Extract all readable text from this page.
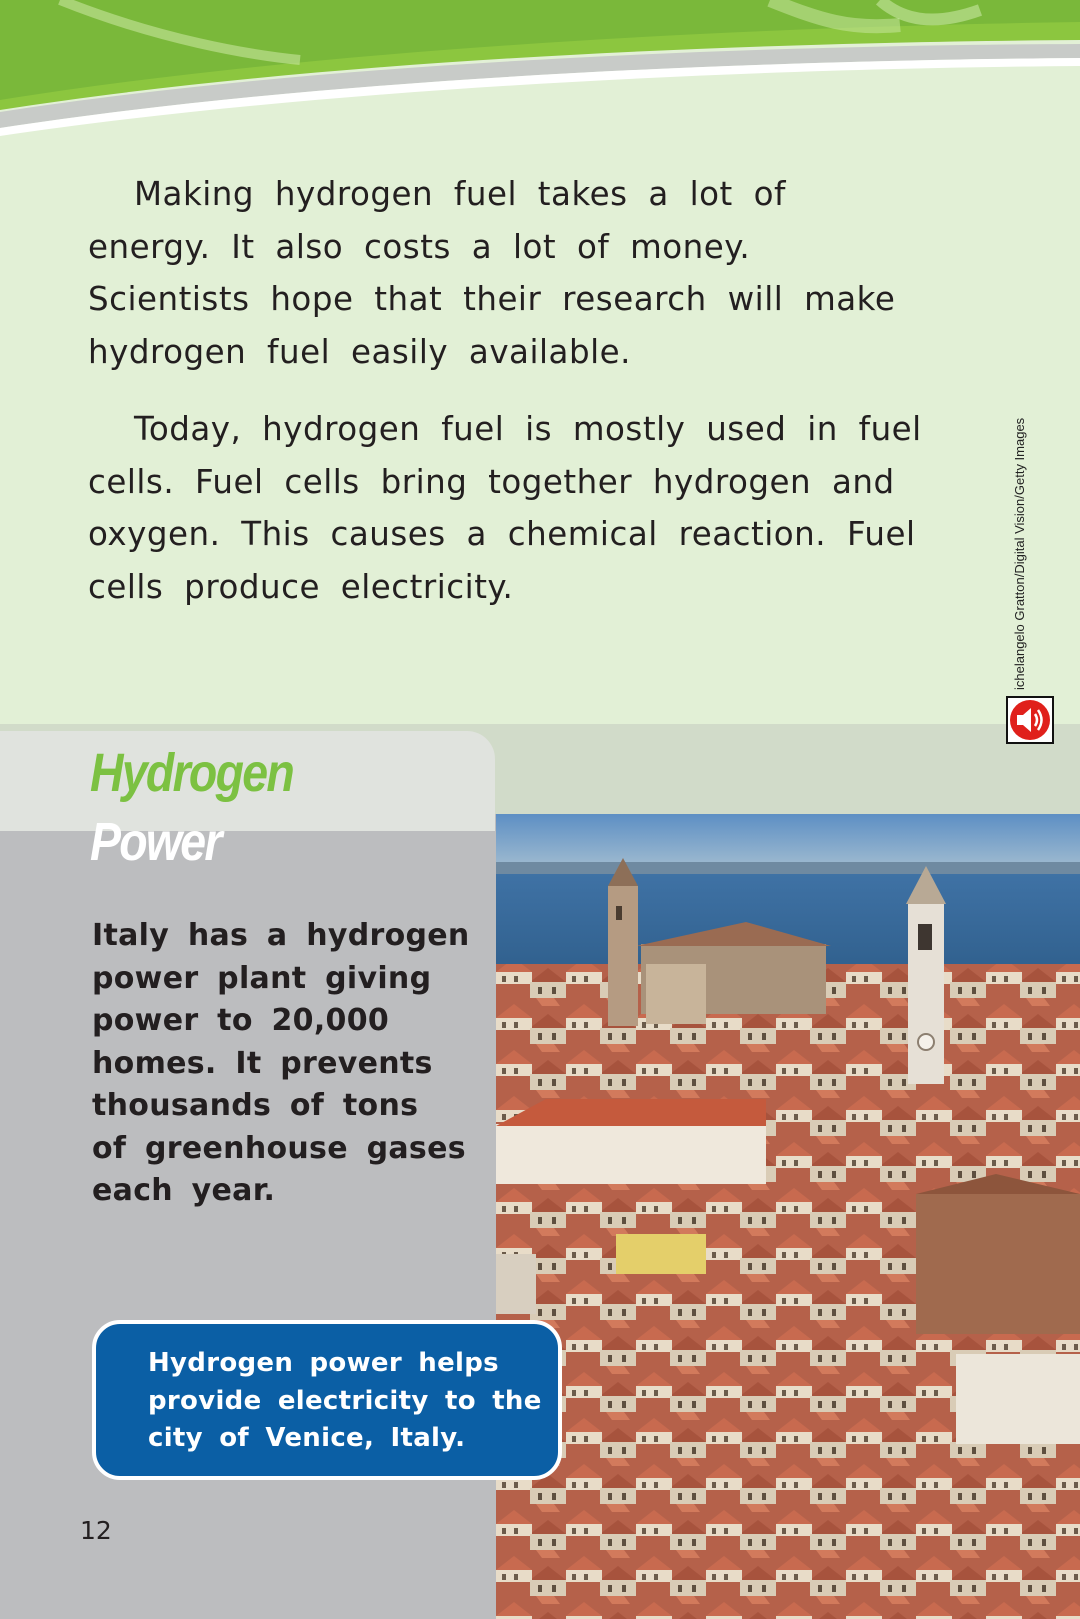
Making hydrogen fuel takes a lot of energy. It also costs a lot of money. Scientists hope that their research will make hydrogen fuel easily available.

Today, hydrogen fuel is mostly used in fuel cells. Fuel cells bring together hydrogen and oxygen. This causes a chemical reaction. Fuel cells produce electricity.	ichelangelo Gratton/Digital Vision/Getty Images
Hydrogen
Power
Italy has a hydrogen
power plant giving
power to 20,000
homes. It prevents
thousands of tons
of greenhouse gases
each year.
Hydrogen power helps
provide electricity to the
city of Venice, Italy.
12
